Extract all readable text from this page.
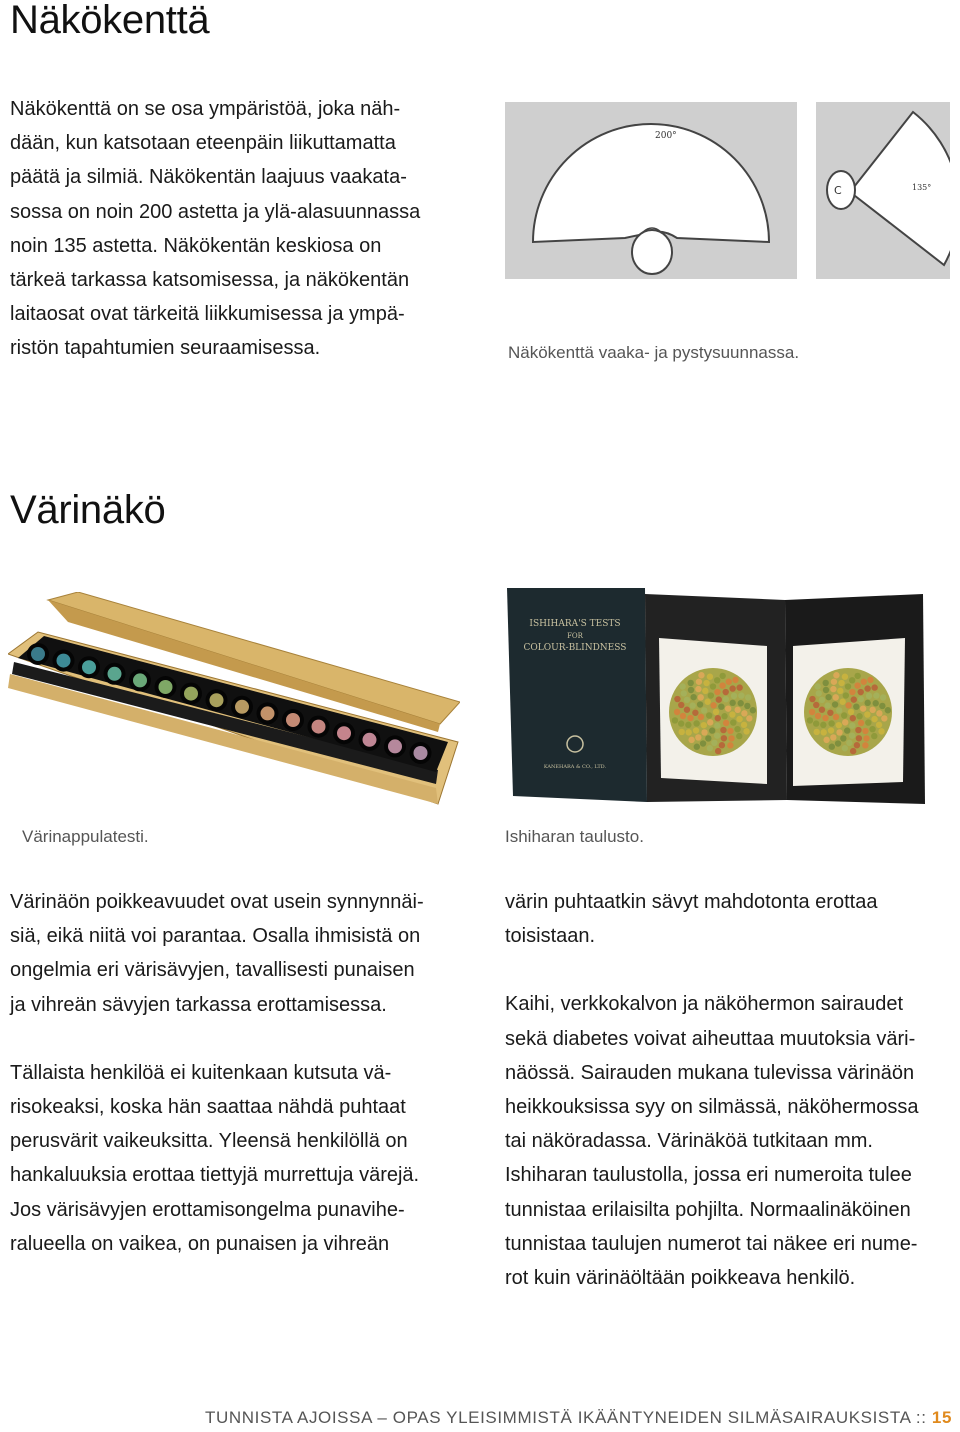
Näkökenttä

Näkökenttä on se osa ympäristöä, joka näh-
dään, kun katsotaan eteenpäin liikuttamatta
päätä ja silmiä. Näkökentän laajuus vaakata-
sossa on noin 200 astetta ja ylä-alasuunnassa
noin 135 astetta. Näkökentän keskiosa on
tärkeä tarkassa katsomisessa, ja näkökentän
laitaosat ovat tärkeitä liikkumisessa ja ympä-
ristön tapahtumien seuraamisessa.

200°
C	135°
Näkökenttä vaaka- ja pystysuunnassa.
Värinäkö
ISHIHARA'S TESTS
FOR
COLOUR-BLINDNESS
KANEHARA & CO., LTD.
Värinappulatesti.	Ishiharan taulusto.

Värinäön poikkeavuudet ovat usein synnynnäi-
siä, eikä niitä voi parantaa. Osalla ihmisistä on
ongelmia eri värisävyjen, tavallisesti punaisen
ja vihreän sävyjen tarkassa erottamisessa.

Tällaista henkilöä ei kuitenkaan kutsuta vä-
risokeaksi, koska hän saattaa nähdä puhtaat
perusvärit vaikeuksitta. Yleensä henkilöllä on
hankaluuksia erottaa tiettyjä murrettuja värejä.
Jos värisävyjen erottamisongelma punavihe-
ralueella on vaikea, on punaisen ja vihreän

värin puhtaatkin sävyt mahdotonta erottaa
toisistaan.

Kaihi, verkkokalvon ja näköhermon sairaudet
sekä diabetes voivat aiheuttaa muutoksia väri-
näössä. Sairauden mukana tulevissa värinäön
heikkouksissa syy on silmässä, näköhermossa
tai näköradassa. Värinäköä tutkitaan mm.
Ishiharan taulustolla, jossa eri numeroita tulee
tunnistaa erilaisilta pohjilta. Normaalinäköinen
tunnistaa taulujen numerot tai näkee eri nume-
rot kuin värinäöltään poikkeava henkilö.

TUNNISTA AJOISSA – OPAS YLEISIMMISTÄ IKÄÄNTYNEIDEN SILMÄSAIRAUKSISTA :: 15
